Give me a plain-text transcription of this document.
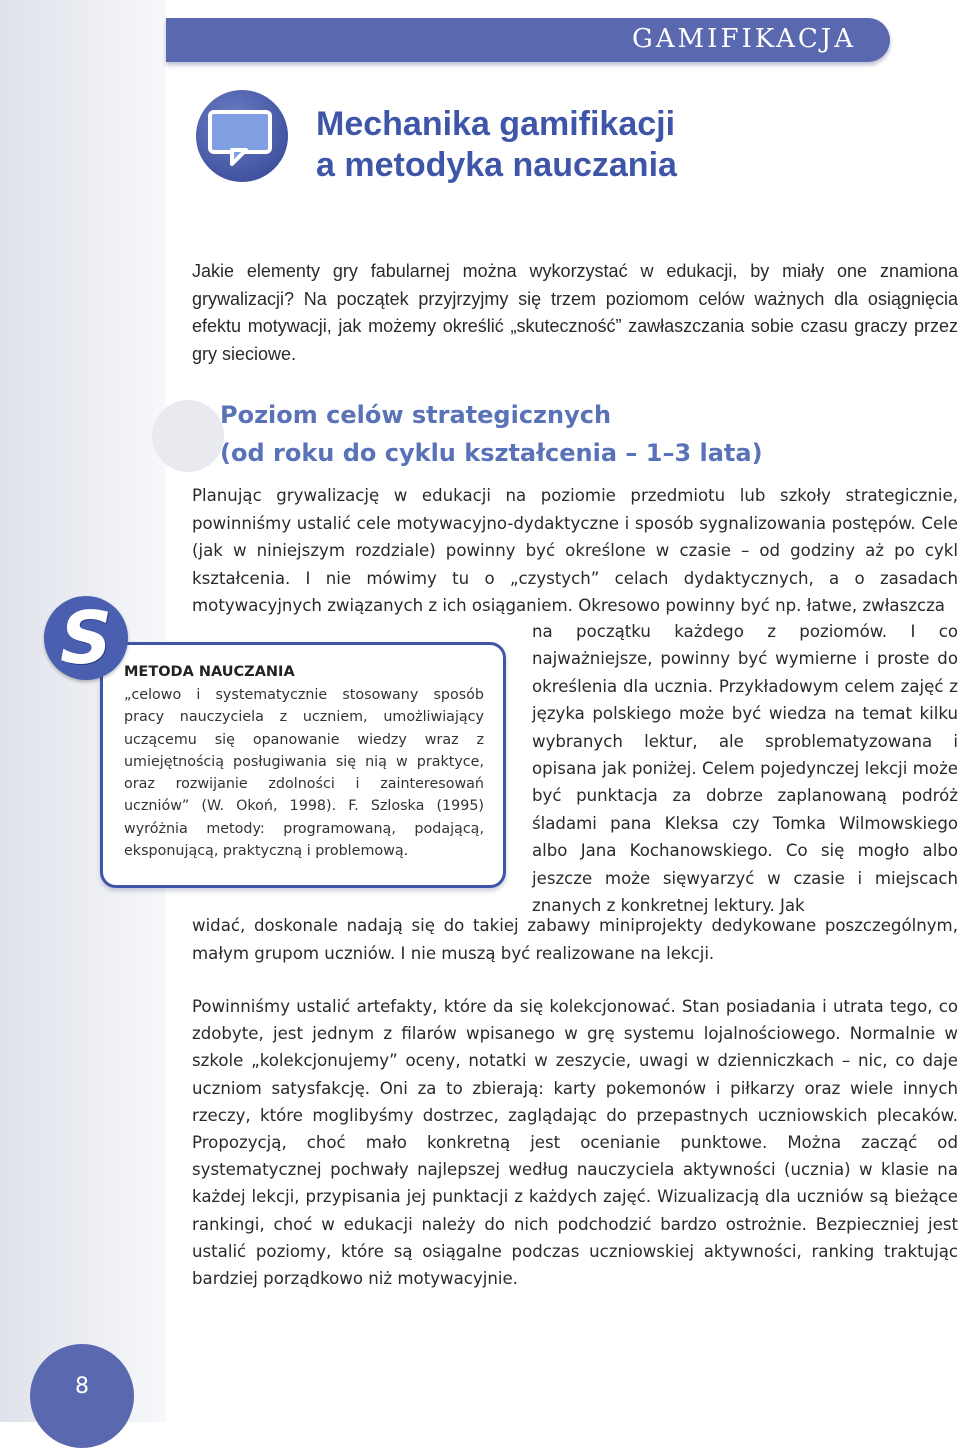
GAMIFIKACJA
Mechanika gamifikacji
a metodyka nauczania

Jakie elementy gry fabularnej można wykorzystać w edukacji, by miały one znamiona grywalizacji? Na początek przyjrzyjmy się trzem poziomom celów ważnych dla osiągnięcia efektu motywacji, jak możemy określić „skuteczność” zawłaszczania sobie czasu graczy przez gry sieciowe.

Poziom celów strategicznych
(od roku do cyklu kształcenia – 1–3 lata)

Planując grywalizację w edukacji na poziomie przedmiotu lub szkoły strategicznie, powinniśmy ustalić cele motywacyjno-dydaktyczne i sposób sygnalizowania postępów. Cele (jak w niniejszym rozdziale) powinny być określone w czasie – od godziny aż po cykl kształcenia. I nie mówimy tu o „czystych” celach dydaktycznych, a o zasadach motywacyjnych związanych z ich osiąganiem. Okresowo powinny być np. łatwe, zwłaszcza

na początku każdego z poziomów. I co najważniejsze, powinny być wymierne i proste do określenia dla ucznia. Przykładowym celem zajęć z języka polskiego może być wiedza na temat kilku wybranych lektur, ale sproblematyzowana i opisana jak poniżej. Celem pojedynczej lekcji może być punktacja za dobrze zaplanowaną podróż śladami pana Kleksa czy Tomka Wilmowskiego albo Jana Kochanowskiego. Co się mogło albo jeszcze może sięwyarzyć w czasie i miejscach znanych z konkretnej lektury. Jak

widać, doskonale nadają się do takiej zabawy miniprojekty dedykowane poszczególnym, małym grupom uczniów. I nie muszą być realizowane na lekcji.

S METODA NAUCZANIA

„celowo i systematycznie stosowany sposób pracy nauczyciela z uczniem, umożliwiający uczącemu się opanowanie wiedzy wraz z umiejętnością posługiwania się nią w praktyce, oraz rozwijanie zdolności i zainteresowań uczniów” (W. Okoń, 1998). F. Szloska (1995) wyróżnia metody: programowaną, podającą, eksponującą, praktyczną i problemową.

Powinniśmy ustalić artefakty, które da się kolekcjonować. Stan posiadania i utrata tego, co zdobyte, jest jednym z filarów wpisanego w grę systemu lojalnościowego. Normalnie w szkole „kolekcjonujemy” oceny, notatki w zeszycie, uwagi w dzienniczkach – nic, co daje uczniom satysfakcję. Oni za to zbierają: karty pokemonów i piłkarzy oraz wiele innych rzeczy, które moglibyśmy dostrzec, zaglądając do przepastnych uczniowskich plecaków. Propozycją, choć mało konkretną jest ocenianie punktowe. Można zacząć od systematycznej pochwały najlepszej według nauczyciela aktywności (ucznia) w klasie na każdej lekcji, przypisania jej punktacji z każdych zajęć. Wizualizacją dla uczniów są bieżące rankingi, choć w edukacji należy do nich podchodzić bardzo ostrożnie. Bezpieczniej jest ustalić poziomy, które są osiągalne podczas uczniowskiej aktywności, ranking traktując bardziej porządkowo niż motywacyjnie.

8
